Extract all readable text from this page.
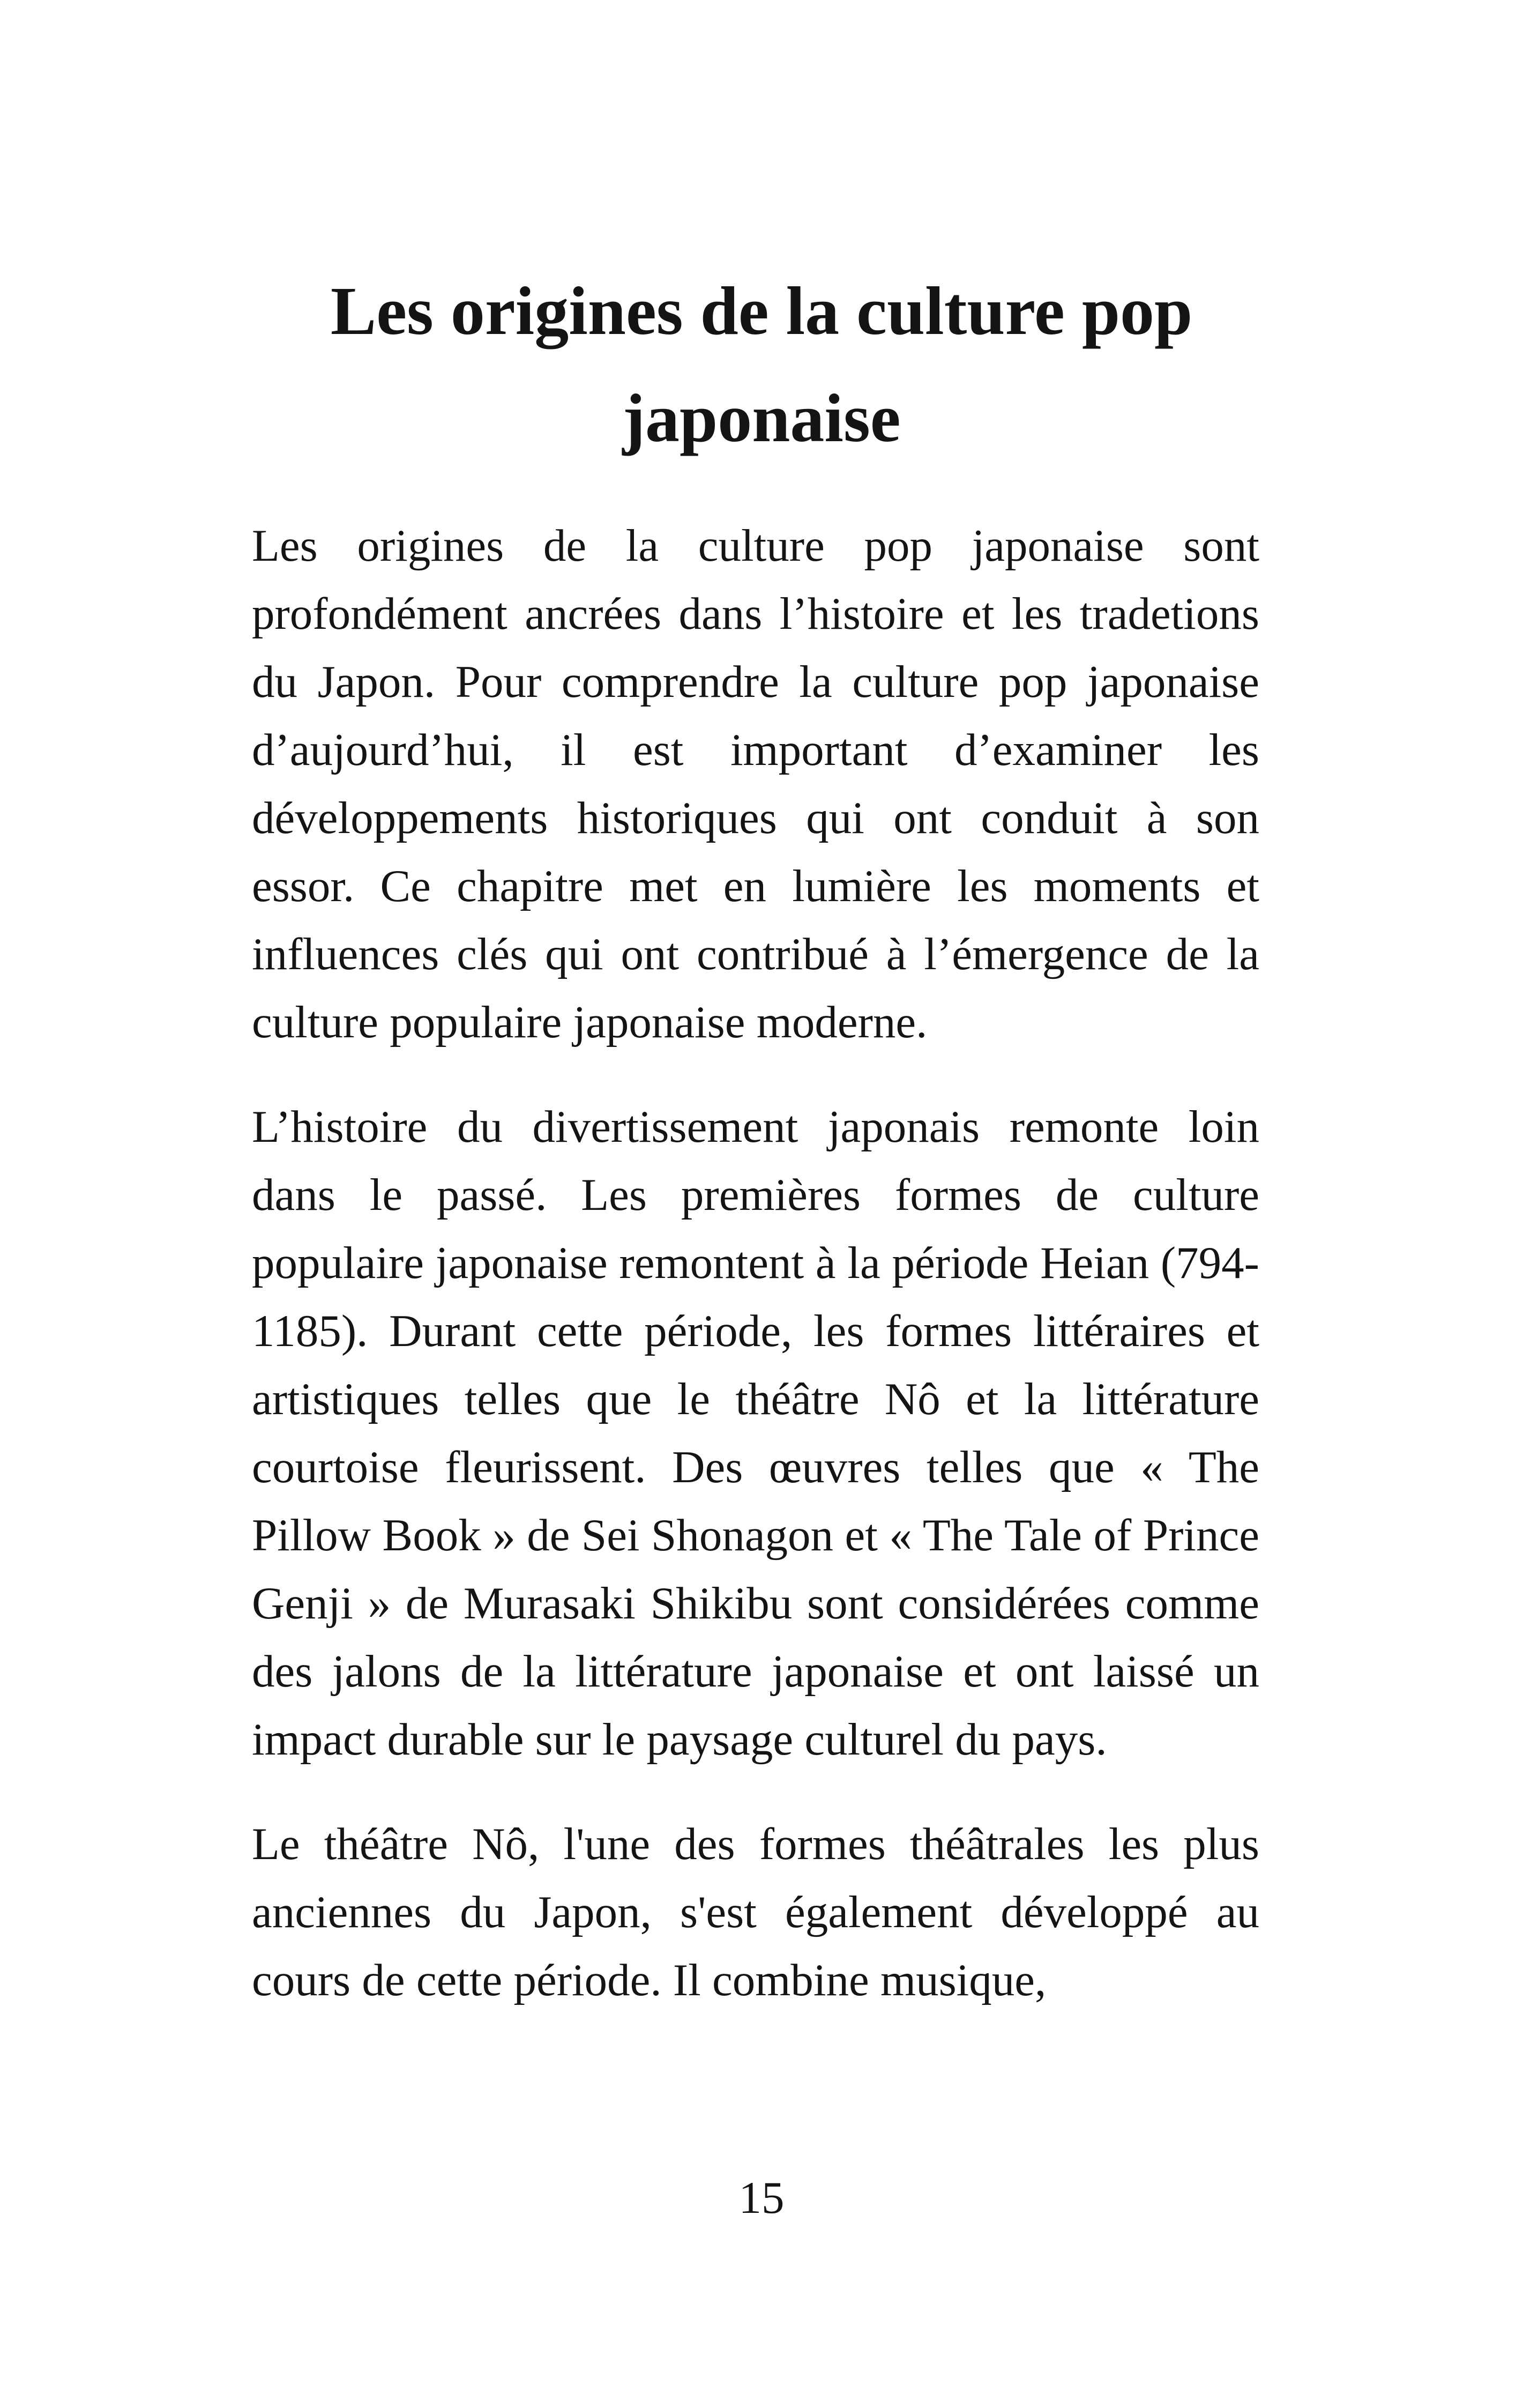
Les origines de la culture pop japonaise

Les origines de la culture pop japonaise sont profondément ancrées dans l’histoire et les tradetions du Japon. Pour comprendre la culture pop japonaise d’aujourd’hui, il est important d’examiner les développements historiques qui ont conduit à son essor. Ce chapitre met en lumière les moments et influences clés qui ont contribué à l’émergence de la culture populaire japonaise moderne.

L’histoire du divertissement japonais remonte loin dans le passé. Les premières formes de culture populaire japonaise remontent à la période Heian (794-1185). Durant cette période, les formes littéraires et artistiques telles que le théâtre Nô et la littérature courtoise fleurissent. Des œuvres telles que « The Pillow Book » de Sei Shonagon et « The Tale of Prince Genji » de Murasaki Shikibu sont considérées comme des jalons de la littérature japonaise et ont laissé un impact durable sur le paysage culturel du pays.

Le théâtre Nô, l'une des formes théâtrales les plus anciennes du Japon, s'est également développé au cours de cette période. Il combine musique,

15
